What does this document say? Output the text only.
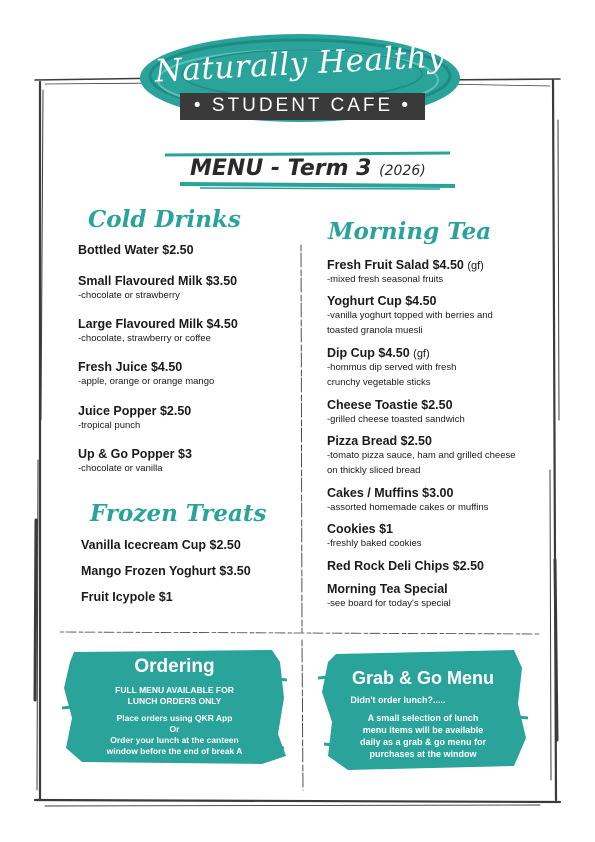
Naturally Healthy
• STUDENT CAFE •
MENU - Term 3 (2026)
Cold Drinks
Bottled Water $2.50
Small Flavoured Milk $3.50
-chocolate or strawberry
Large Flavoured Milk $4.50
-chocolate, strawberry or coffee
Fresh Juice $4.50
-apple, orange or orange mango
Juice Popper $2.50
-tropical punch
Up & Go Popper $3
-chocolate or vanilla
Frozen Treats
Vanilla Icecream Cup $2.50
Mango Frozen Yoghurt $3.50
Fruit Icypole $1
Morning Tea
Fresh Fruit Salad $4.50 (gf)
-mixed fresh seasonal fruits
Yoghurt Cup $4.50
-vanilla yoghurt topped with berries and
toasted granola muesli
Dip Cup $4.50 (gf)
-hommus dip served with fresh
crunchy vegetable sticks
Cheese Toastie $2.50
-grilled cheese toasted sandwich
Pizza Bread $2.50
-tomato pizza sauce, ham and grilled cheese
on thickly sliced bread
Cakes / Muffins $3.00
-assorted homemade cakes or muffins
Cookies $1
-freshly baked cookies
Red Rock Deli Chips $2.50
Morning Tea Special
-see board for today's special
Ordering
FULL MENU AVAILABLE FOR
LUNCH ORDERS ONLY
Place orders using QKR App
Or
Order your lunch at the canteen
window before the end of break A
Grab & Go Menu
Didn't order lunch?.....
A small selection of lunch
menu items will be available
daily as a grab & go menu for
purchases at the window
